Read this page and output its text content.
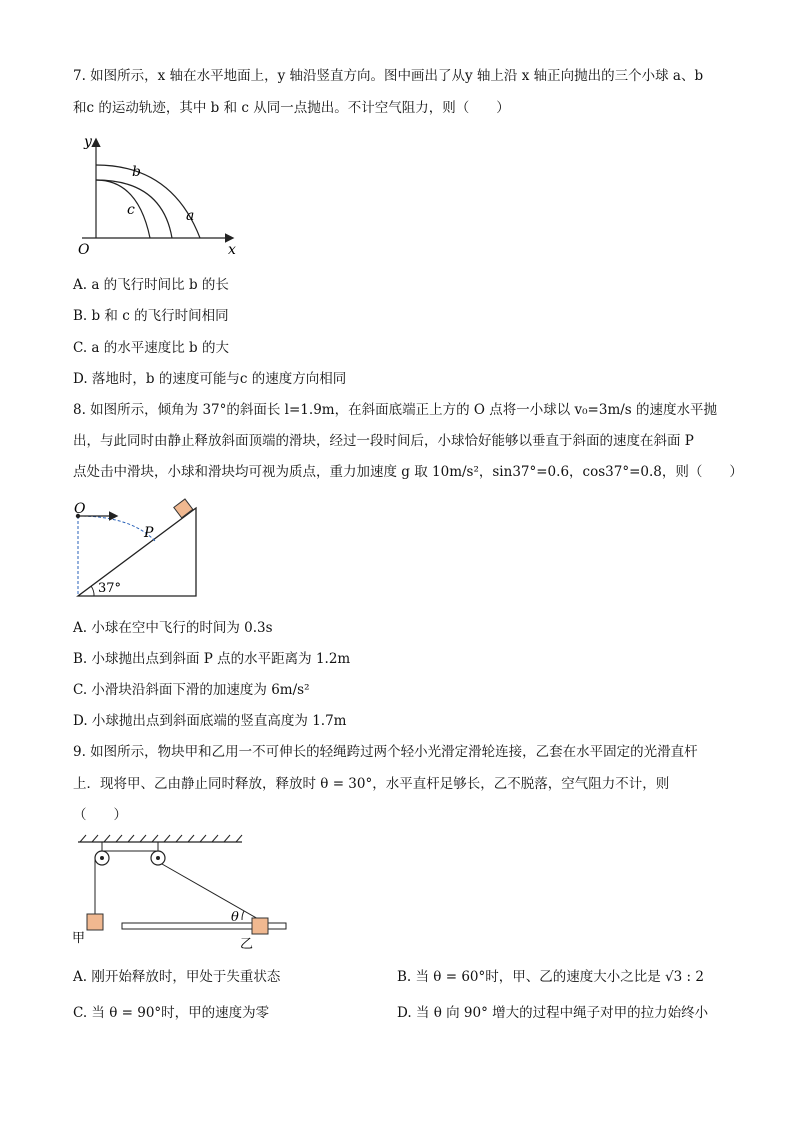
7. 如图所示，x 轴在水平地面上，y 轴沿竖直方向。图中画出了从y 轴上沿 x 轴正向抛出的三个小球 a、b
和c 的运动轨迹，其中 b 和 c 从同一点抛出。不计空气阻力，则（　　）
y
x
O
b
c	a
A. a 的飞行时间比 b 的长
B. b 和 c 的飞行时间相同
C. a 的水平速度比 b 的大
D. 落地时，b 的速度可能与c 的速度方向相同
8. 如图所示，倾角为 37°的斜面长 l=1.9m，在斜面底端正上方的 O 点将一小球以 v₀=3m/s 的速度水平抛
出，与此同时由静止释放斜面顶端的滑块，经过一段时间后，小球恰好能够以垂直于斜面的速度在斜面 P
点处击中滑块，小球和滑块均可视为质点，重力加速度 g 取 10m/s²，sin37°=0.6，cos37°=0.8，则（　　）
O
P
37°
A. 小球在空中飞行的时间为 0.3s
B. 小球抛出点到斜面 P 点的水平距离为 1.2m
C. 小滑块沿斜面下滑的加速度为 6m/s²
D. 小球抛出点到斜面底端的竖直高度为 1.7m
9. 如图所示，物块甲和乙用一不可伸长的轻绳跨过两个轻小光滑定滑轮连接，乙套在水平固定的光滑直杆
上．现将甲、乙由静止同时释放，释放时 θ = 30°，水平直杆足够长，乙不脱落，空气阻力不计，则
（　　）
θ
甲	乙
A. 刚开始释放时，甲处于失重状态	B. 当 θ = 60°时，甲、乙的速度大小之比是 √3 : 2
C. 当 θ = 90°时，甲的速度为零	D. 当 θ 向 90° 增大的过程中绳子对甲的拉力始终小
